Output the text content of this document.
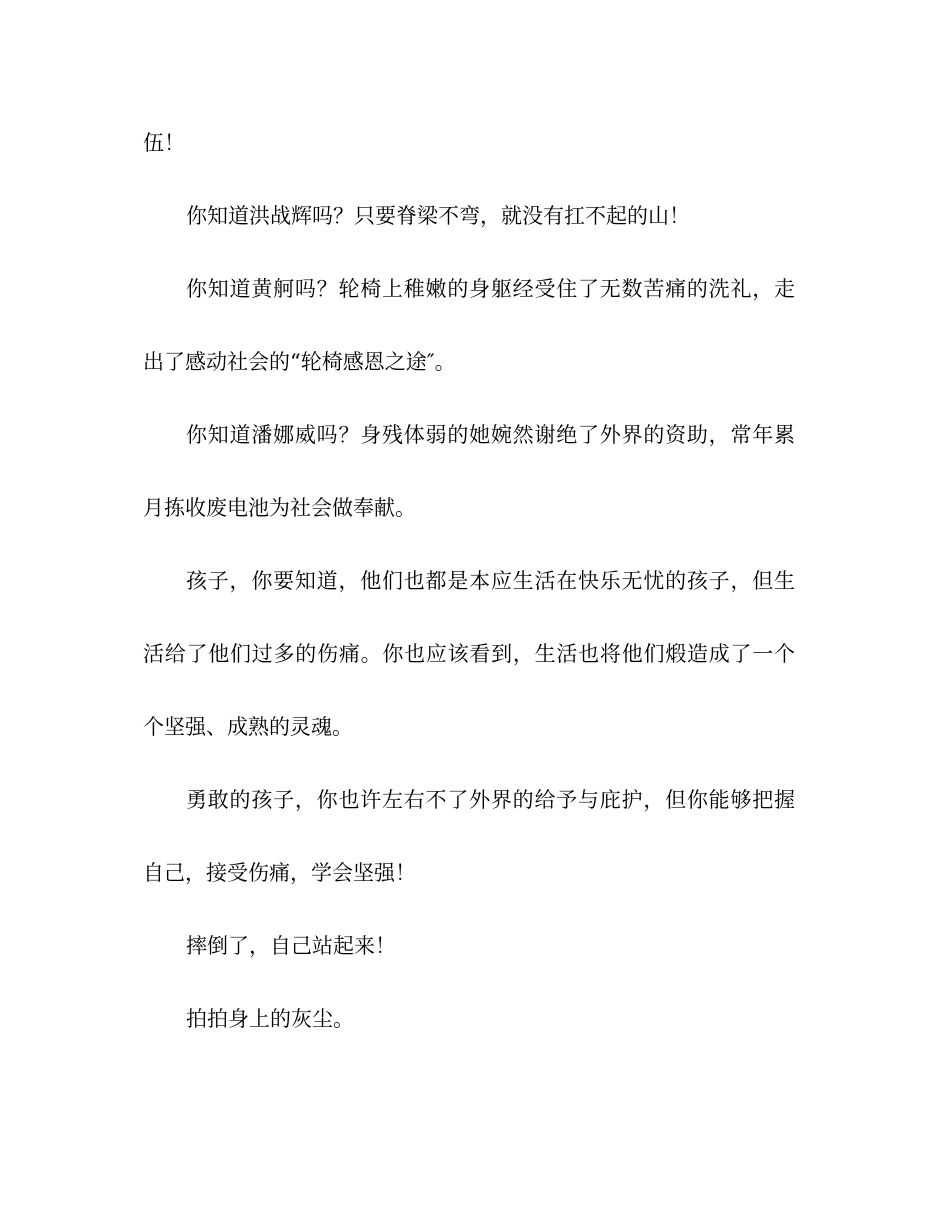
伍！
你知道洪战辉吗？只要脊梁不弯，就没有扛不起的山！
你知道黄舸吗？轮椅上稚嫩的身躯经受住了无数苦痛的洗礼，走
出了感动社会的“轮椅感恩之途″。
你知道潘娜威吗？身残体弱的她婉然谢绝了外界的资助，常年累
月拣收废电池为社会做奉献。
孩子，你要知道，他们也都是本应生活在快乐无忧的孩子，但生
活给了他们过多的伤痛。你也应该看到，生活也将他们煅造成了一个
个坚强、成熟的灵魂。
勇敢的孩子，你也许左右不了外界的给予与庇护，但你能够把握
自己，接受伤痛，学会坚强！
摔倒了，自己站起来！
拍拍身上的灰尘。
